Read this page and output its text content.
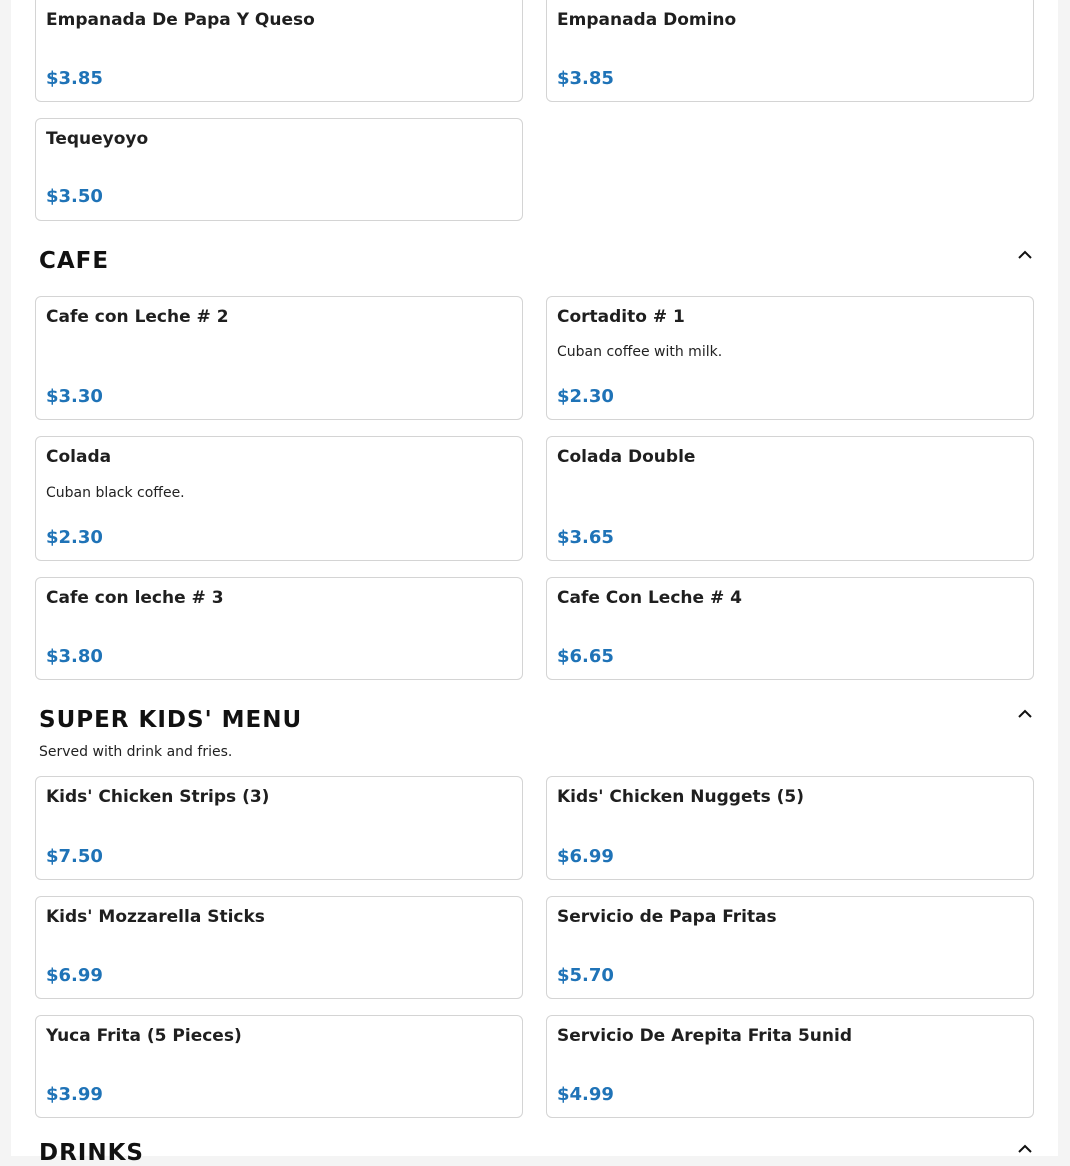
Empanada De Papa Y Queso
$3.85
Empanada Domino
$3.85
Tequeyoyo
$3.50
CAFE
Cafe con Leche # 2
$3.30
Cortadito # 1
Cuban coffee with milk.
$2.30
Colada
Cuban black coffee.
$2.30
Colada Double
$3.65
Cafe con leche # 3
$3.80
Cafe Con Leche # 4
$6.65
SUPER KIDS' MENU
Served with drink and fries.
Kids' Chicken Strips (3)
$7.50
Kids' Chicken Nuggets (5)
$6.99
Kids' Mozzarella Sticks
$6.99
Servicio de Papa Fritas
$5.70
Yuca Frita (5 Pieces)
$3.99
Servicio De Arepita Frita 5unid
$4.99
DRINKS
